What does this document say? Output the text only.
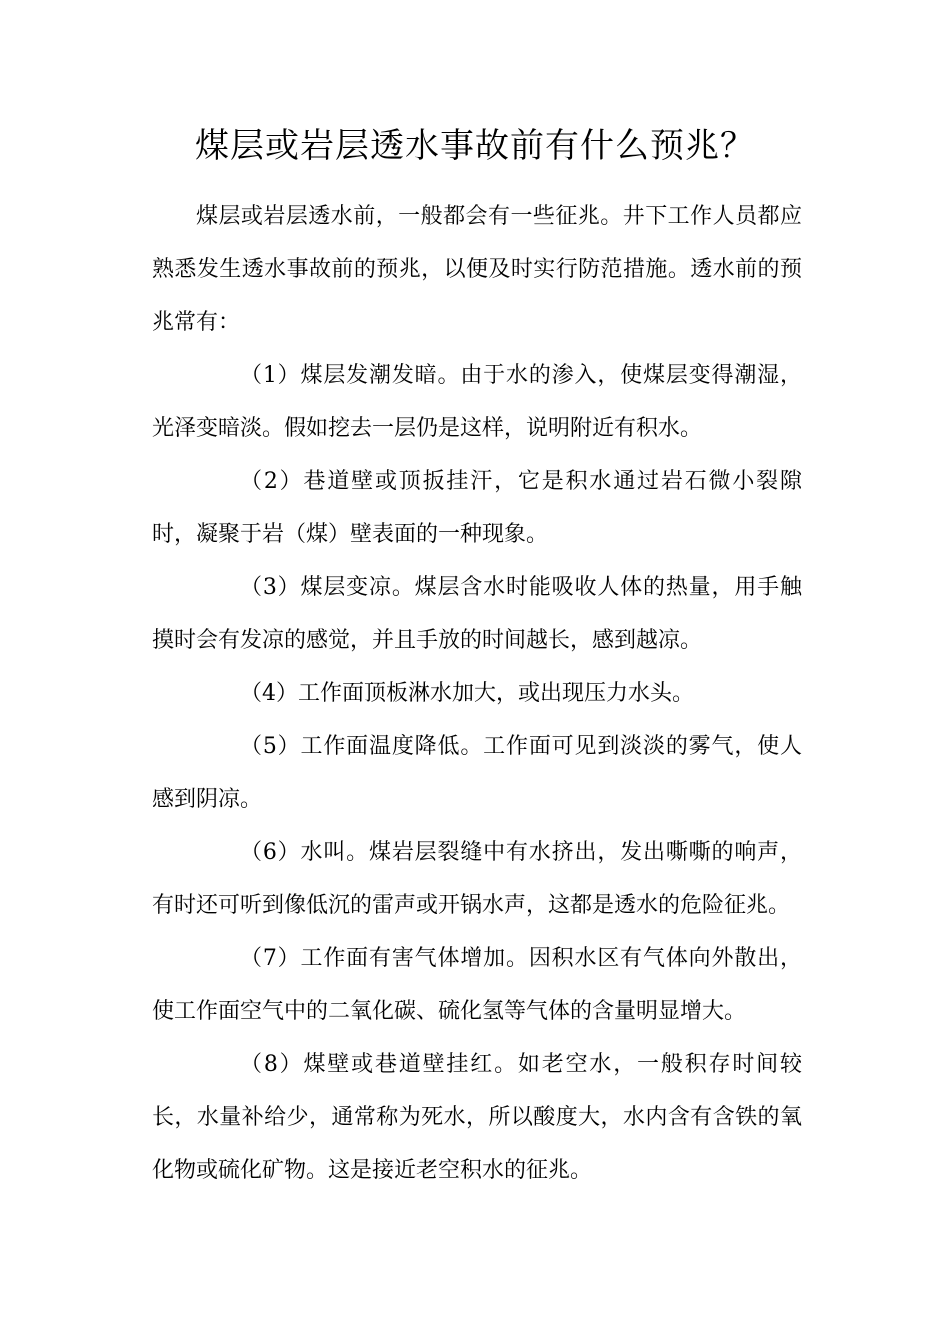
煤层或岩层透水事故前有什么预兆？

煤层或岩层透水前，一般都会有一些征兆。井下工作人员都应熟悉发生透水事故前的预兆，以便及时实行防范措施。透水前的预兆常有：

（1）煤层发潮发暗。由于水的渗入，使煤层变得潮湿，光泽变暗淡。假如挖去一层仍是这样，说明附近有积水。

（2）巷道壁或顶扳挂汗，它是积水通过岩石微小裂隙时，凝聚于岩（煤）壁表面的一种现象。

（3）煤层变凉。煤层含水时能吸收人体的热量，用手触摸时会有发凉的感觉，并且手放的时间越长，感到越凉。

（4）工作面顶板淋水加大，或出现压力水头。

（5）工作面温度降低。工作面可见到淡淡的雾气，使人感到阴凉。

（6）水叫。煤岩层裂缝中有水挤出，发出嘶嘶的响声，有时还可听到像低沉的雷声或开锅水声，这都是透水的危险征兆。

（7）工作面有害气体增加。因积水区有气体向外散出，使工作面空气中的二氧化碳、硫化氢等气体的含量明显增大。

（8）煤壁或巷道壁挂红。如老空水，一般积存时间较长，水量补给少，通常称为死水，所以酸度大，水内含有含铁的氧化物或硫化矿物。这是接近老空积水的征兆。
